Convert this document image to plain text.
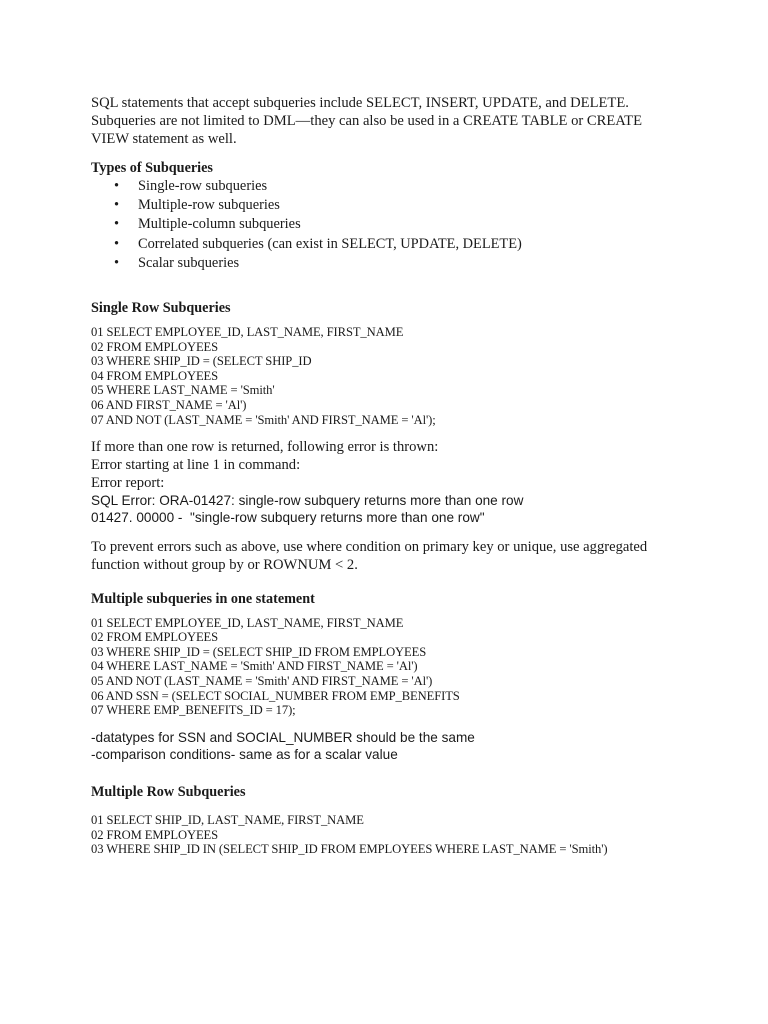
SQL statements that accept subqueries include SELECT, INSERT, UPDATE, and DELETE.
Subqueries are not limited to DML—they can also be used in a CREATE TABLE or CREATE
VIEW statement as well.
Types of Subqueries
• Single-row subqueries
• Multiple-row subqueries
• Multiple-column subqueries
• Correlated subqueries (can exist in SELECT, UPDATE, DELETE)
• Scalar subqueries
Single Row Subqueries
01 SELECT EMPLOYEE_ID, LAST_NAME, FIRST_NAME
02 FROM EMPLOYEES
03 WHERE SHIP_ID = (SELECT SHIP_ID
04 FROM EMPLOYEES
05 WHERE LAST_NAME = 'Smith'
06 AND FIRST_NAME = 'Al')
07 AND NOT (LAST_NAME = 'Smith' AND FIRST_NAME = 'Al');
If more than one row is returned, following error is thrown:
Error starting at line 1 in command:
Error report:
SQL Error: ORA-01427: single-row subquery returns more than one row
01427. 00000 -  "single-row subquery returns more than one row"
To prevent errors such as above, use where condition on primary key or unique, use aggregated
function without group by or ROWNUM < 2.
Multiple subqueries in one statement
01 SELECT EMPLOYEE_ID, LAST_NAME, FIRST_NAME
02 FROM EMPLOYEES
03 WHERE SHIP_ID = (SELECT SHIP_ID FROM EMPLOYEES
04 WHERE LAST_NAME = 'Smith' AND FIRST_NAME = 'Al')
05 AND NOT (LAST_NAME = 'Smith' AND FIRST_NAME = 'Al')
06 AND SSN = (SELECT SOCIAL_NUMBER FROM EMP_BENEFITS
07 WHERE EMP_BENEFITS_ID = 17);
-datatypes for SSN and SOCIAL_NUMBER should be the same
-comparison conditions- same as for a scalar value
Multiple Row Subqueries
01 SELECT SHIP_ID, LAST_NAME, FIRST_NAME
02 FROM EMPLOYEES
03 WHERE SHIP_ID IN (SELECT SHIP_ID FROM EMPLOYEES WHERE LAST_NAME = 'Smith')
